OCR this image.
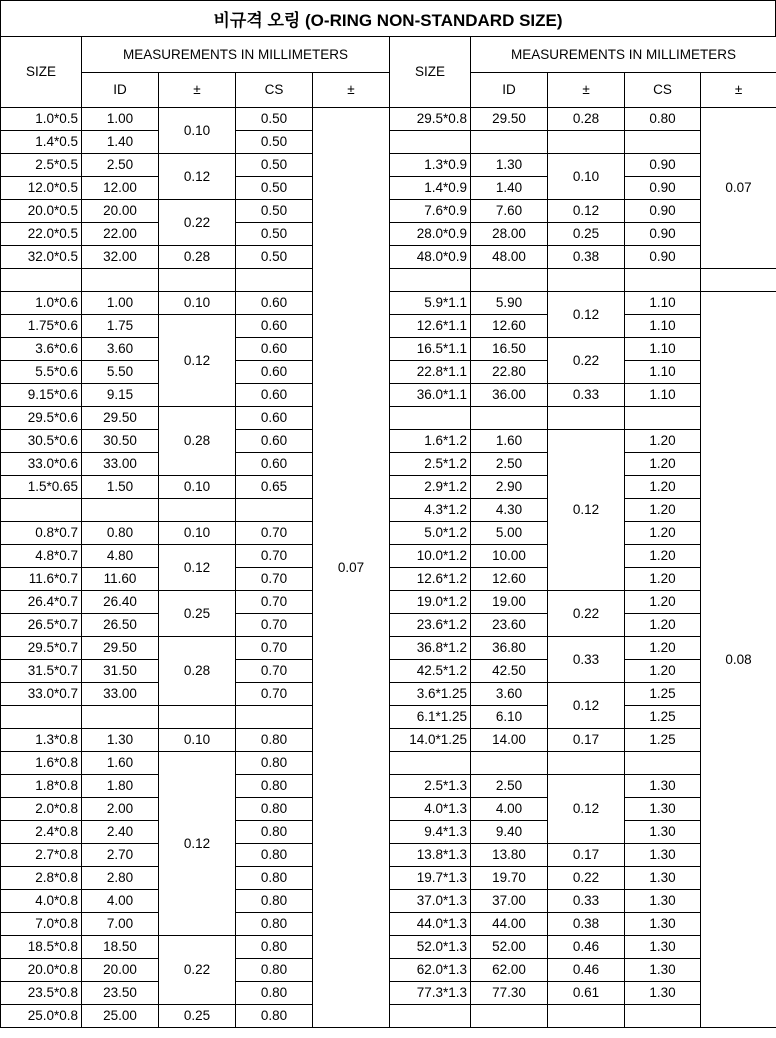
비규격 오링 (O-RING NON-STANDARD SIZE)
SIZE	MEASUREMENTS IN MILLIMETERS				SIZE	MEASUREMENTS IN MILLIMETERS			
	ID	±	CS	±		ID	±	CS	±
1.0*0.5	1.00	0.10	0.50	0.07	29.5*0.8	29.50	0.28	0.80	0.07
1.4*0.5	1.40		0.50						
2.5*0.5	2.50	0.12	0.50		1.3*0.9	1.30	0.10	0.90	
12.0*0.5	12.00		0.50		1.4*0.9	1.40		0.90	
20.0*0.5	20.00	0.22	0.50		7.6*0.9	7.60	0.12	0.90	
22.0*0.5	22.00		0.50		28.0*0.9	28.00	0.25	0.90	
32.0*0.5	32.00	0.28	0.50		48.0*0.9	48.00	0.38	0.90	

1.0*0.6	1.00	0.10	0.60		5.9*1.1	5.90	0.12	1.10	0.08
1.75*0.6	1.75	0.12	0.60		12.6*1.1	12.60		1.10	
3.6*0.6	3.60		0.60		16.5*1.1	16.50	0.22	1.10	
5.5*0.6	5.50		0.60		22.8*1.1	22.80		1.10	
9.15*0.6	9.15		0.60		36.0*1.1	36.00	0.33	1.10	
29.5*0.6	29.50	0.28	0.60						
30.5*0.6	30.50		0.60		1.6*1.2	1.60	0.12	1.20	
33.0*0.6	33.00		0.60		2.5*1.2	2.50		1.20	
1.5*0.65	1.50	0.10	0.65		2.9*1.2	2.90		1.20	
					4.3*1.2	4.30		1.20	
0.8*0.7	0.80	0.10	0.70		5.0*1.2	5.00		1.20	
4.8*0.7	4.80	0.12	0.70		10.0*1.2	10.00		1.20	
11.6*0.7	11.60		0.70		12.6*1.2	12.60		1.20	
26.4*0.7	26.40	0.25	0.70		19.0*1.2	19.00	0.22	1.20	
26.5*0.7	26.50		0.70		23.6*1.2	23.60		1.20	
29.5*0.7	29.50	0.28	0.70		36.8*1.2	36.80	0.33	1.20	
31.5*0.7	31.50		0.70		42.5*1.2	42.50		1.20	
33.0*0.7	33.00		0.70		3.6*1.25	3.60	0.12	1.25	
					6.1*1.25	6.10		1.25	
1.3*0.8	1.30	0.10	0.80		14.0*1.25	14.00	0.17	1.25	
1.6*0.8	1.60	0.12	0.80						
1.8*0.8	1.80		0.80		2.5*1.3	2.50	0.12	1.30	
2.0*0.8	2.00		0.80		4.0*1.3	4.00		1.30	
2.4*0.8	2.40		0.80		9.4*1.3	9.40		1.30	
2.7*0.8	2.70		0.80		13.8*1.3	13.80	0.17	1.30	
2.8*0.8	2.80		0.80		19.7*1.3	19.70	0.22	1.30	
4.0*0.8	4.00		0.80		37.0*1.3	37.00	0.33	1.30	
7.0*0.8	7.00		0.80		44.0*1.3	44.00	0.38	1.30	
18.5*0.8	18.50	0.22	0.80		52.0*1.3	52.00	0.46	1.30	
20.0*0.8	20.00		0.80		62.0*1.3	62.00	0.46	1.30	
23.5*0.8	23.50		0.80		77.3*1.3	77.30	0.61	1.30	
25.0*0.8	25.00	0.25	0.80						
